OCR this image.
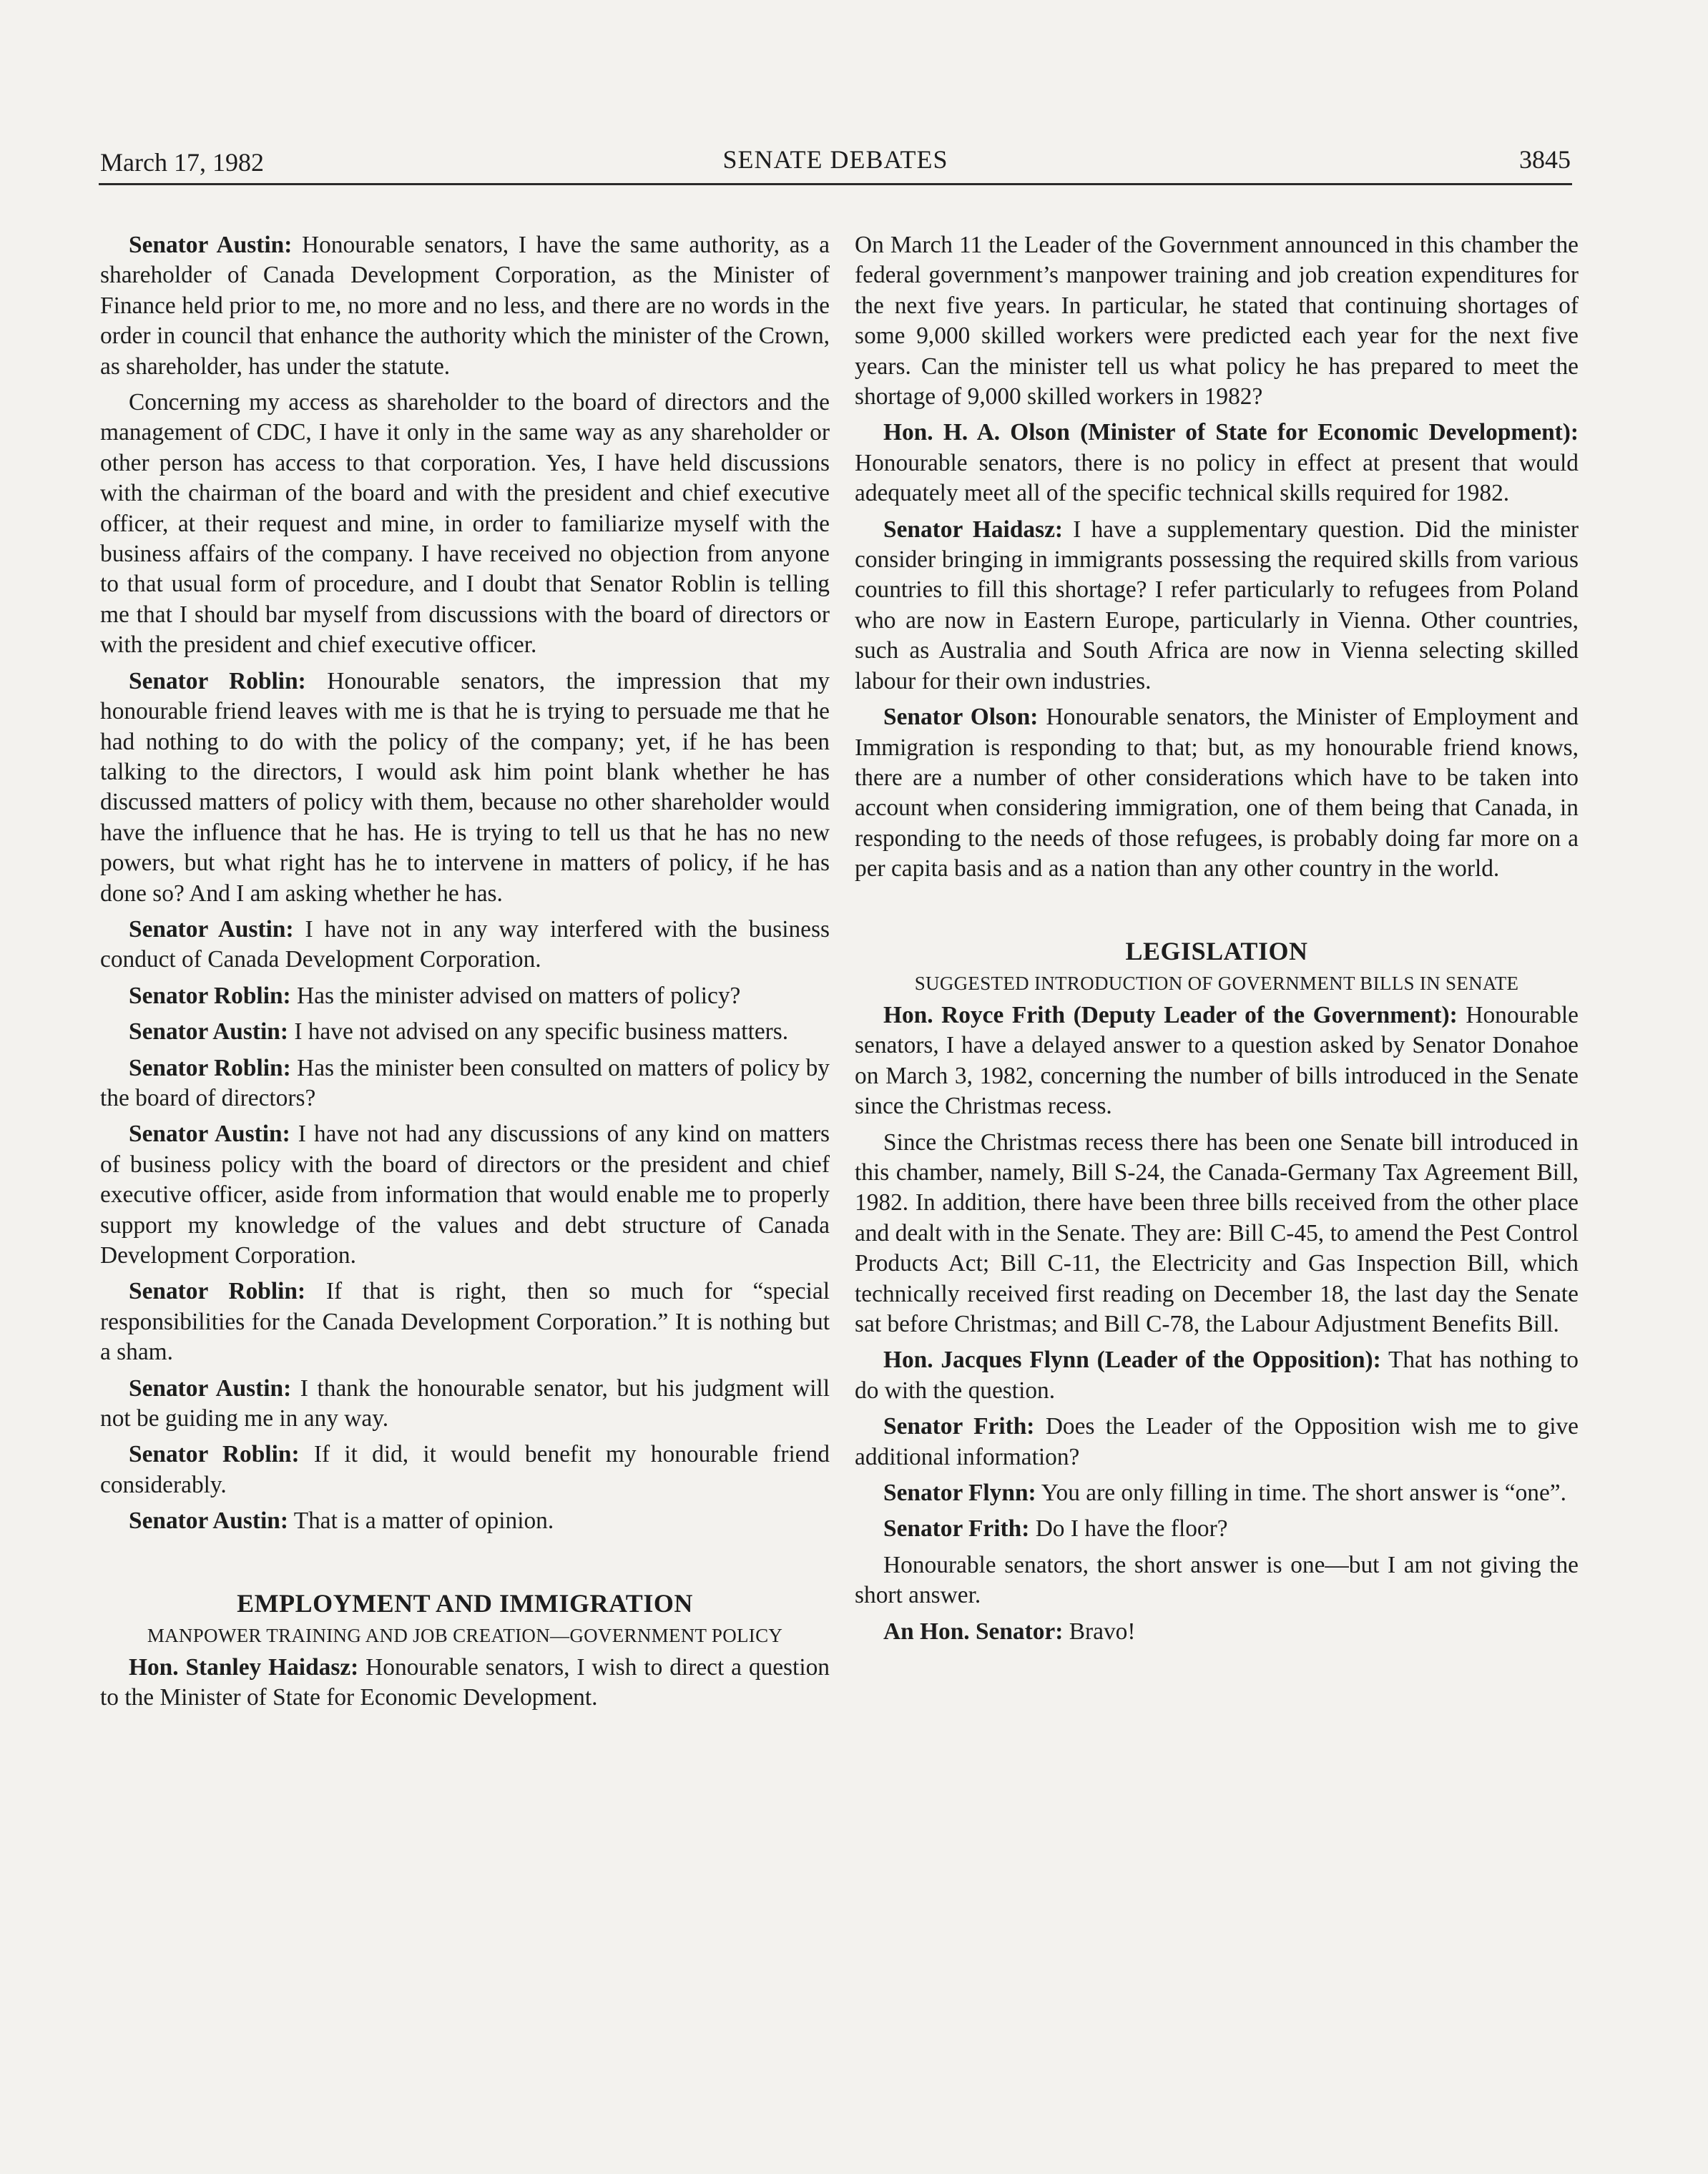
March 17, 1982	SENATE DEBATES	3845

Senator Austin: Honourable senators, I have the same authority, as a shareholder of Canada Development Corporation, as the Minister of Finance held prior to me, no more and no less, and there are no words in the order in council that enhance the authority which the minister of the Crown, as shareholder, has under the statute.

Concerning my access as shareholder to the board of directors and the management of CDC, I have it only in the same way as any shareholder or other person has access to that corporation. Yes, I have held discussions with the chairman of the board and with the president and chief executive officer, at their request and mine, in order to familiarize myself with the business affairs of the company. I have received no objection from anyone to that usual form of procedure, and I doubt that Senator Roblin is telling me that I should bar myself from discussions with the board of directors or with the president and chief executive officer.

Senator Roblin: Honourable senators, the impression that my honourable friend leaves with me is that he is trying to persuade me that he had nothing to do with the policy of the company; yet, if he has been talking to the directors, I would ask him point blank whether he has discussed matters of policy with them, because no other shareholder would have the influence that he has. He is trying to tell us that he has no new powers, but what right has he to intervene in matters of policy, if he has done so? And I am asking whether he has.

Senator Austin: I have not in any way interfered with the business conduct of Canada Development Corporation.

Senator Roblin: Has the minister advised on matters of policy?

Senator Austin: I have not advised on any specific business matters.

Senator Roblin: Has the minister been consulted on matters of policy by the board of directors?

Senator Austin: I have not had any discussions of any kind on matters of business policy with the board of directors or the president and chief executive officer, aside from information that would enable me to properly support my knowledge of the values and debt structure of Canada Development Corporation.

Senator Roblin: If that is right, then so much for “special responsibilities for the Canada Development Corporation.” It is nothing but a sham.

Senator Austin: I thank the honourable senator, but his judgment will not be guiding me in any way.

Senator Roblin: If it did, it would benefit my honourable friend considerably.

Senator Austin: That is a matter of opinion.

EMPLOYMENT AND IMMIGRATION
MANPOWER TRAINING AND JOB CREATION—GOVERNMENT POLICY

Hon. Stanley Haidasz: Honourable senators, I wish to direct a question to the Minister of State for Economic Development.

On March 11 the Leader of the Government announced in this chamber the federal government’s manpower training and job creation expenditures for the next five years. In particular, he stated that continuing shortages of some 9,000 skilled workers were predicted each year for the next five years. Can the minister tell us what policy he has prepared to meet the shortage of 9,000 skilled workers in 1982?

Hon. H. A. Olson (Minister of State for Economic Development): Honourable senators, there is no policy in effect at present that would adequately meet all of the specific technical skills required for 1982.

Senator Haidasz: I have a supplementary question. Did the minister consider bringing in immigrants possessing the required skills from various countries to fill this shortage? I refer particularly to refugees from Poland who are now in Eastern Europe, particularly in Vienna. Other countries, such as Australia and South Africa are now in Vienna selecting skilled labour for their own industries.

Senator Olson: Honourable senators, the Minister of Employment and Immigration is responding to that; but, as my honourable friend knows, there are a number of other considerations which have to be taken into account when considering immigration, one of them being that Canada, in responding to the needs of those refugees, is probably doing far more on a per capita basis and as a nation than any other country in the world.

LEGISLATION
SUGGESTED INTRODUCTION OF GOVERNMENT BILLS IN SENATE

Hon. Royce Frith (Deputy Leader of the Government): Honourable senators, I have a delayed answer to a question asked by Senator Donahoe on March 3, 1982, concerning the number of bills introduced in the Senate since the Christmas recess.

Since the Christmas recess there has been one Senate bill introduced in this chamber, namely, Bill S-24, the Canada-Germany Tax Agreement Bill, 1982. In addition, there have been three bills received from the other place and dealt with in the Senate. They are: Bill C-45, to amend the Pest Control Products Act; Bill C-11, the Electricity and Gas Inspection Bill, which technically received first reading on December 18, the last day the Senate sat before Christmas; and Bill C-78, the Labour Adjustment Benefits Bill.

Hon. Jacques Flynn (Leader of the Opposition): That has nothing to do with the question.

Senator Frith: Does the Leader of the Opposition wish me to give additional information?

Senator Flynn: You are only filling in time. The short answer is “one”.

Senator Frith: Do I have the floor?

Honourable senators, the short answer is one—but I am not giving the short answer.

An Hon. Senator: Bravo!
